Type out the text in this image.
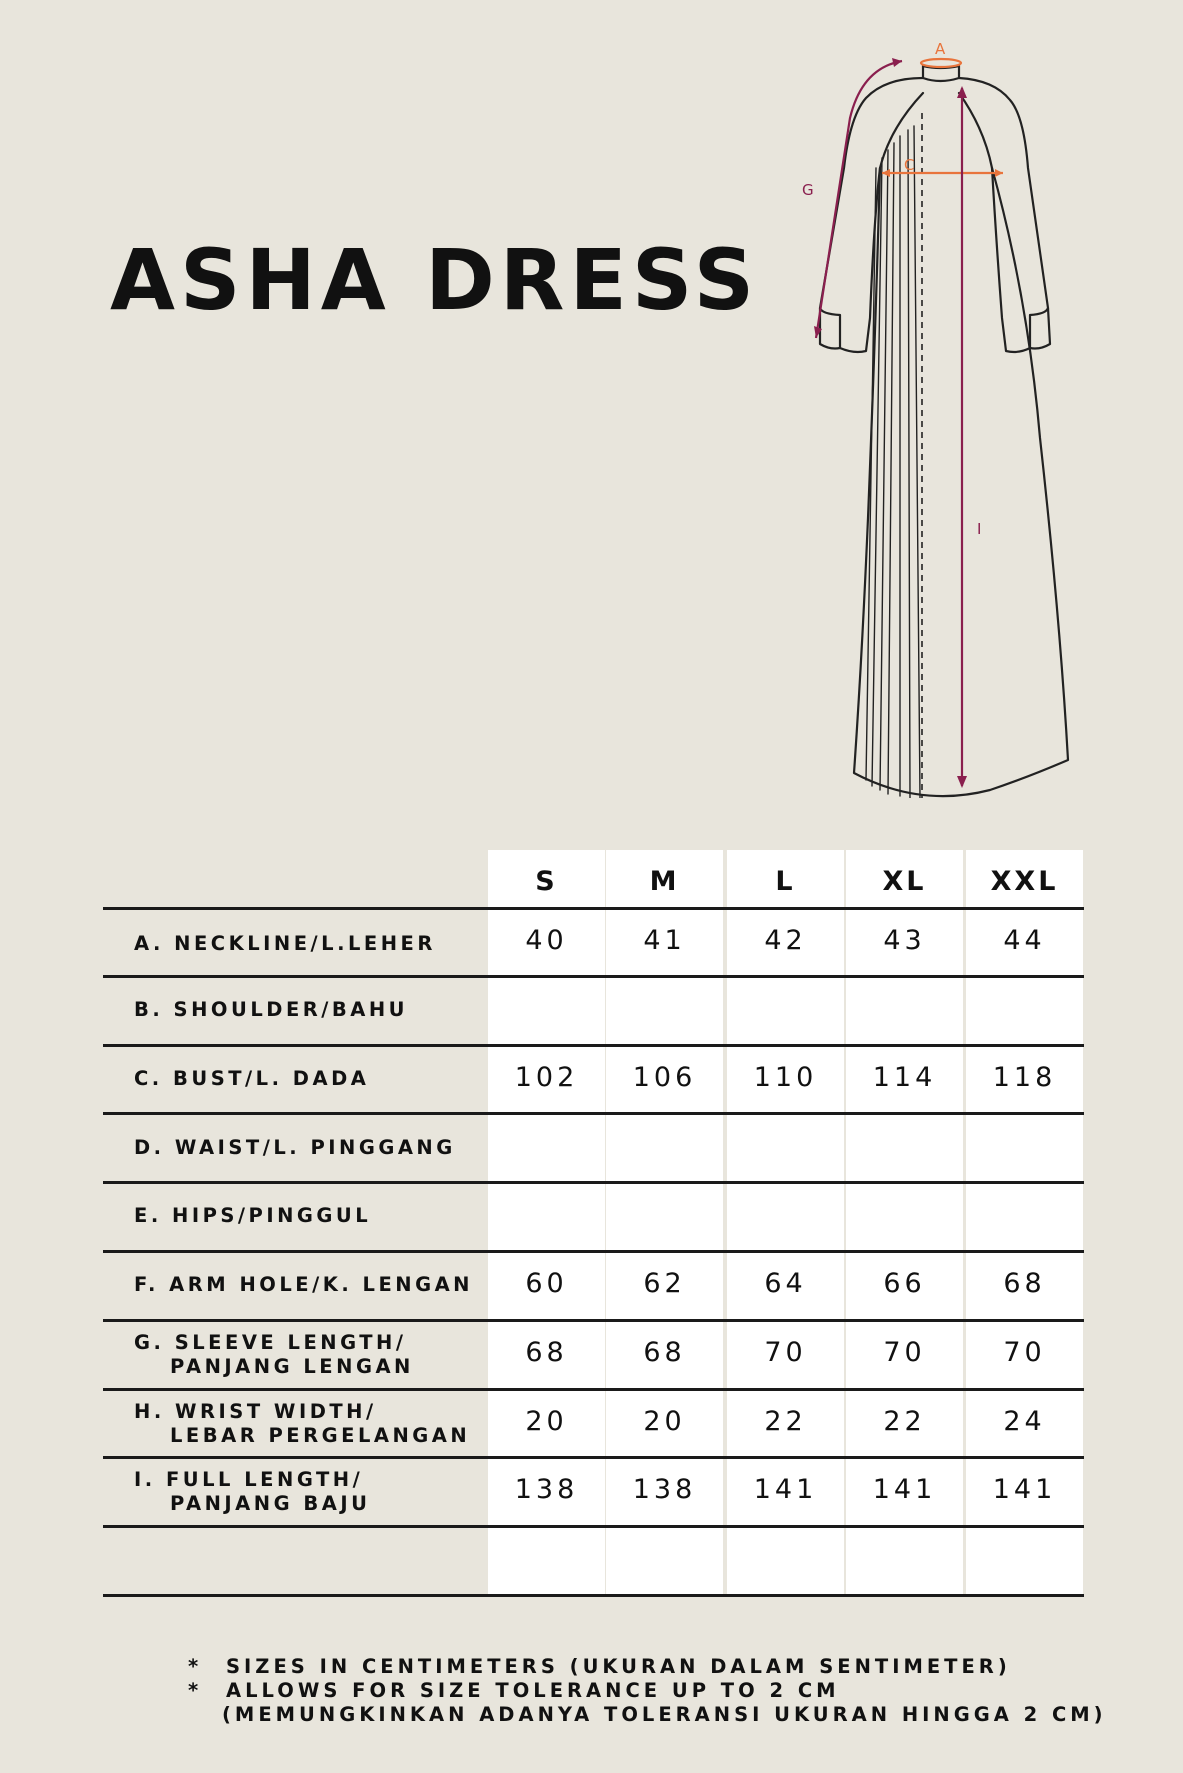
ASHA DRESS
A
C
G
I
S	M	L	XL	XXL
A. NECKLINE/L.LEHER	40	41	42	43	44
B. SHOULDER/BAHU
C. BUST/L. DADA	102	106	110	114	118
D. WAIST/L. PINGGANG
E. HIPS/PINGGUL
F. ARM HOLE/K. LENGAN	60	62	64	66	68
G. SLEEVE LENGTH/
PANJANG LENGAN	68	68	70	70	70
H. WRIST WIDTH/
LEBAR PERGELANGAN	20	20	22	22	24
I. FULL LENGTH/
PANJANG BAJU	138	138	141	141	141
* SIZES IN CENTIMETERS (UKURAN DALAM SENTIMETER)
* ALLOWS FOR SIZE TOLERANCE UP TO 2 CM
(MEMUNGKINKAN ADANYA TOLERANSI UKURAN HINGGA 2 CM)
